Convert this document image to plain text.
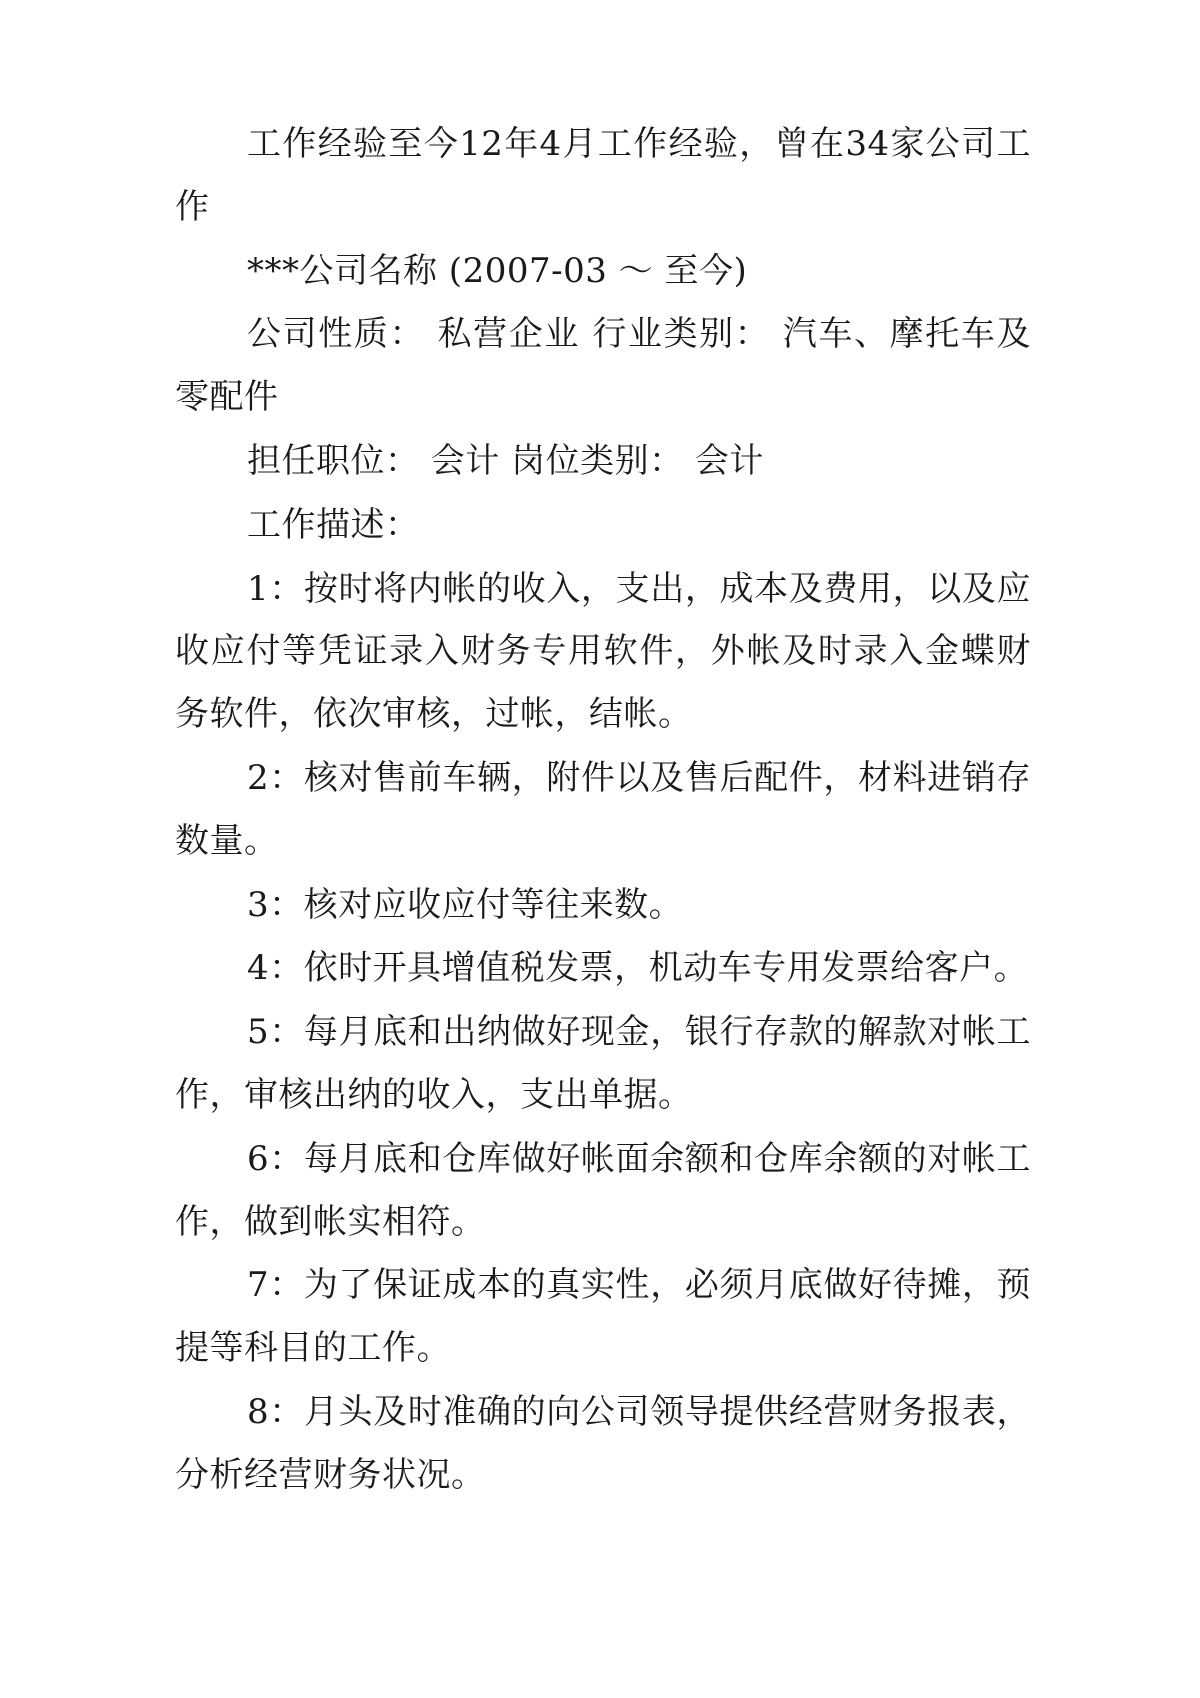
工作经验至今12年4月工作经验，曾在34家公司工作

***公司名称 (2007-03 ～ 至今)

公司性质： 私营企业 行业类别： 汽车、摩托车及零配件

担任职位： 会计 岗位类别： 会计

工作描述：

1：按时将内帐的收入，支出，成本及费用，以及应收应付等凭证录入财务专用软件，外帐及时录入金蝶财务软件，依次审核，过帐，结帐。

2：核对售前车辆，附件以及售后配件，材料进销存数量。

3：核对应收应付等往来数。

4：依时开具增值税发票，机动车专用发票给客户。

5：每月底和出纳做好现金，银行存款的解款对帐工作，审核出纳的收入，支出单据。

6：每月底和仓库做好帐面余额和仓库余额的对帐工作，做到帐实相符。

7：为了保证成本的真实性，必须月底做好待摊，预提等科目的工作。

8：月头及时准确的向公司领导提供经营财务报表，分析经营财务状况。
